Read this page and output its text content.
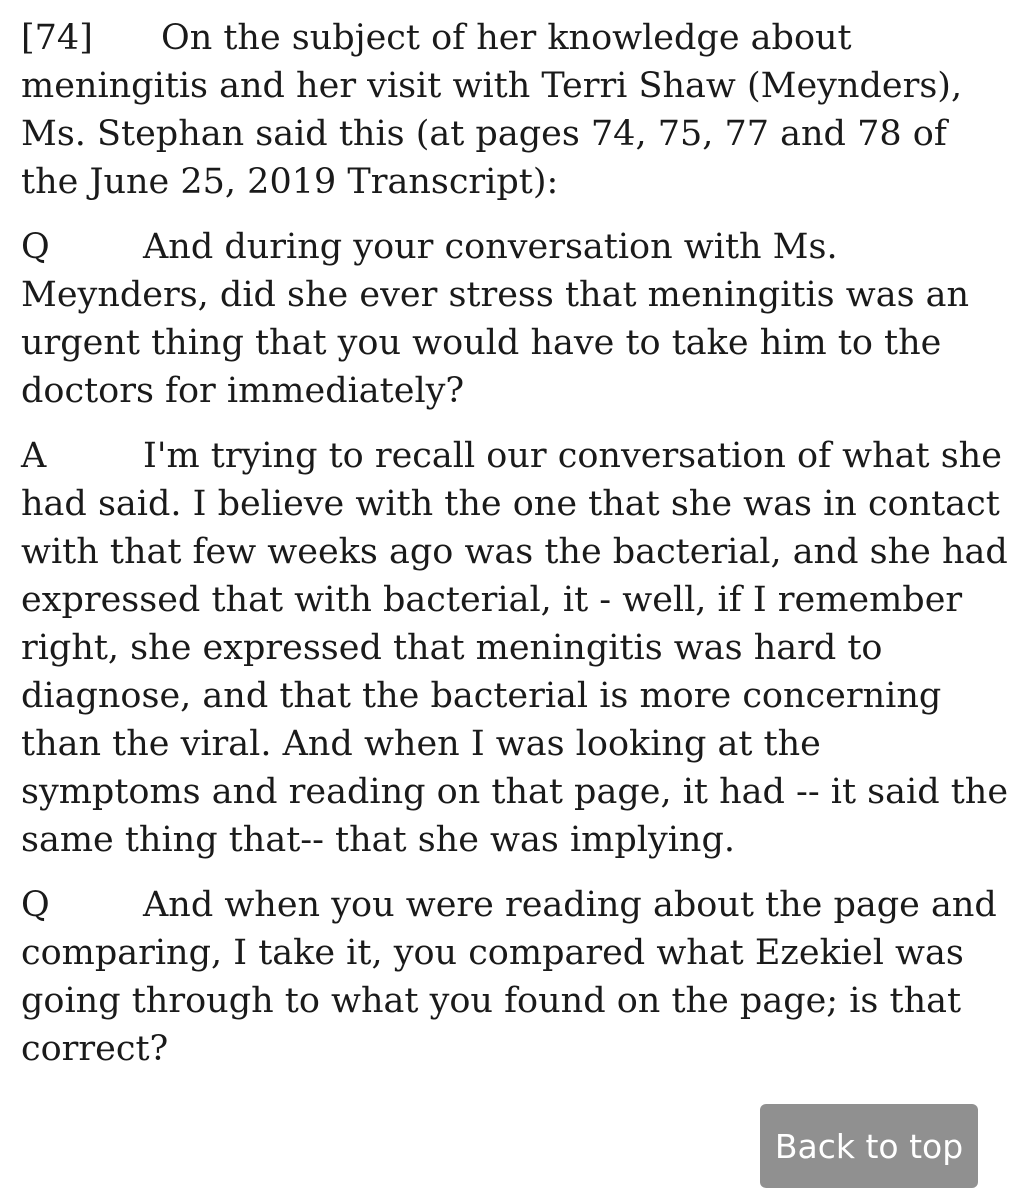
[74] On the subject of her knowledge about meningitis and her visit with Terri Shaw (Meynders), Ms. Stephan said this (at pages 74, 75, 77 and 78 of the June 25, 2019 Transcript):

Q	And during your conversation with Ms. Meynders, did she ever stress that meningitis was an urgent thing that you would have to take him to the doctors for immediately?

A	I'm trying to recall our conversation of what she had said. I believe with the one that she was in contact with that few weeks ago was the bacterial, and she had expressed that with bacterial, it - well, if I remember right, she expressed that meningitis was hard to diagnose, and that the bacterial is more concerning than the viral. And when I was looking at the symptoms and reading on that page, it had -- it said the same thing that-- that she was implying.

Q	And when you were reading about the page and comparing, I take it, you compared what Ezekiel was going through to what you found on the page; is that correct?

Back to top
